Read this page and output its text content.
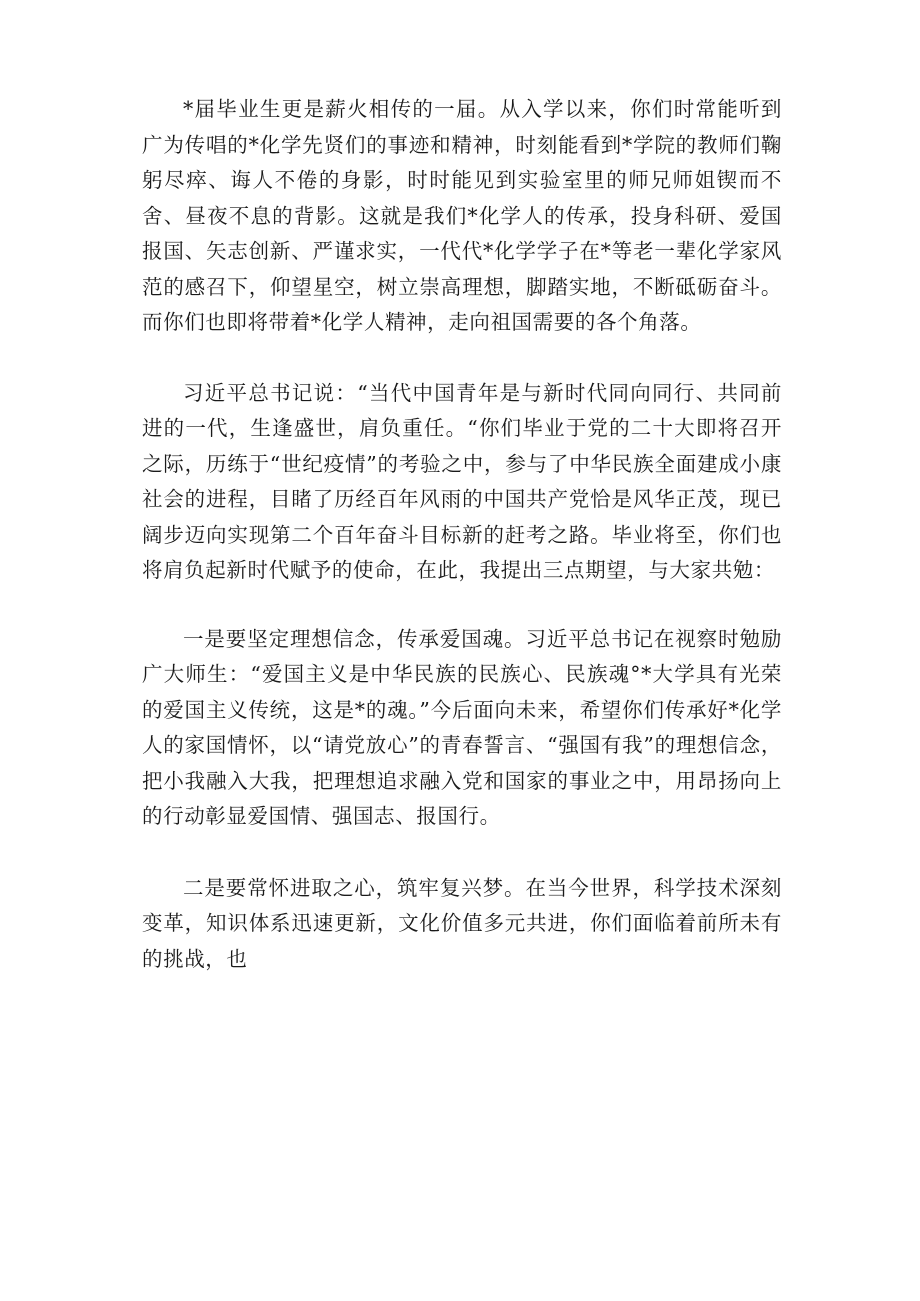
*届毕业生更是薪火相传的一届。从入学以来，你们时常能听到广为传唱的*化学先贤们的事迹和精神，时刻能看到*学院的教师们鞠躬尽瘁、诲人不倦的身影，时时能见到实验室里的师兄师姐锲而不舍、昼夜不息的背影。这就是我们*化学人的传承，投身科研、爱国报国、矢志创新、严谨求实，一代代*化学学子在*等老一辈化学家风范的感召下，仰望星空，树立崇高理想，脚踏实地，不断砥砺奋斗。而你们也即将带着*化学人精神，走向祖国需要的各个角落。

习近平总书记说：“当代中国青年是与新时代同向同行、共同前进的一代，生逢盛世，肩负重任。“你们毕业于党的二十大即将召开之际，历练于“世纪疫情”的考验之中，参与了中华民族全面建成小康社会的进程，目睹了历经百年风雨的中国共产党恰是风华正茂，现已阔步迈向实现第二个百年奋斗目标新的赶考之路。毕业将至，你们也将肩负起新时代赋予的使命，在此，我提出三点期望，与大家共勉：

一是要坚定理想信念，传承爱国魂。习近平总书记在视察时勉励广大师生：“爱国主义是中华民族的民族心、民族魂°*大学具有光荣的爱国主义传统，这是*的魂。”今后面向未来，希望你们传承好*化学人的家国情怀，以“请党放心”的青春誓言、“强国有我”的理想信念，把小我融入大我，把理想追求融入党和国家的事业之中，用昂扬向上的行动彰显爱国情、强国志、报国行。

二是要常怀进取之心，筑牢复兴梦。在当今世界，科学技术深刻变革，知识体系迅速更新，文化价值多元共进，你们面临着前所未有的挑战，也
